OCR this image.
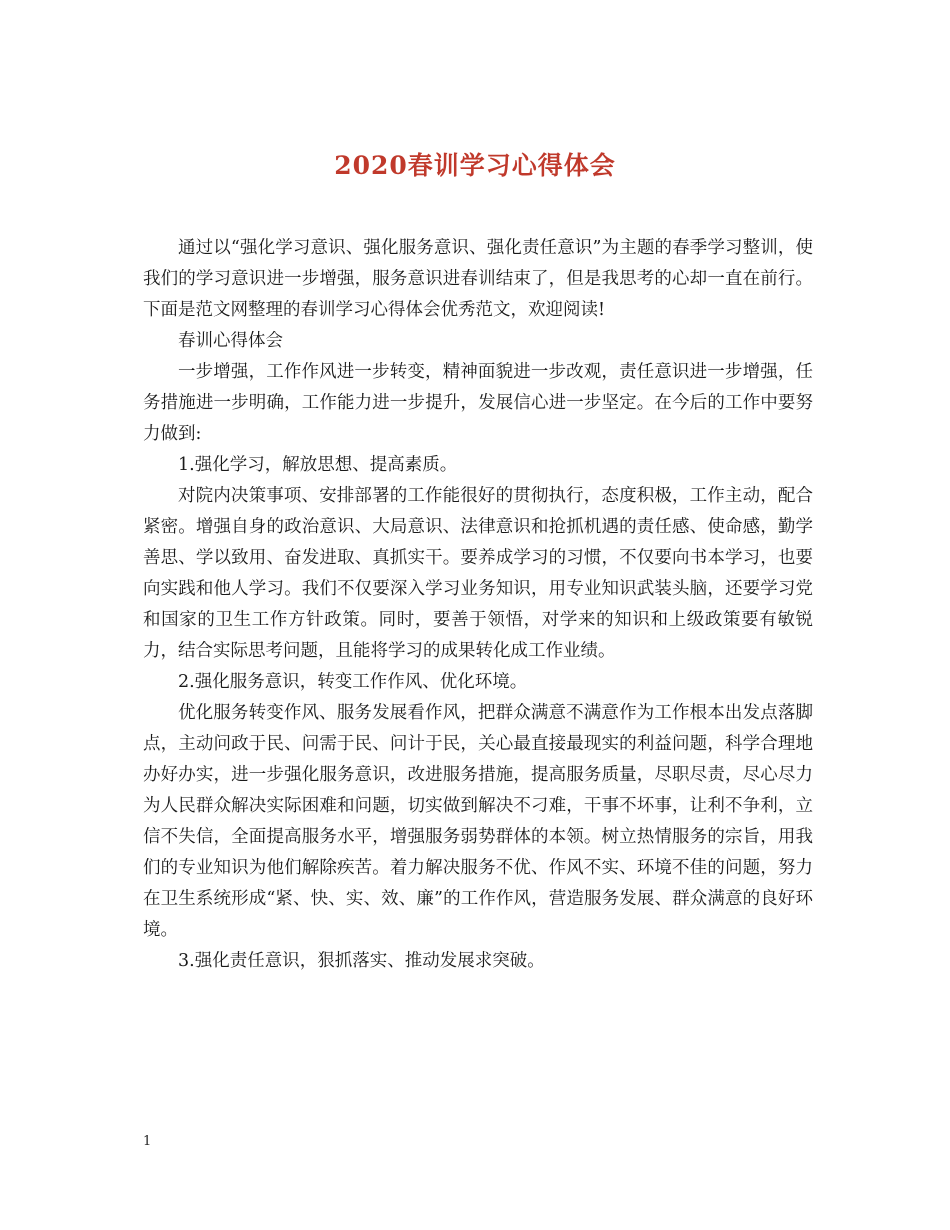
2020春训学习心得体会

通过以“强化学习意识、强化服务意识、强化责任意识”为主题的春季学习整训，使我们的学习意识进一步增强，服务意识进春训结束了，但是我思考的心却一直在前行。下面是范文网整理的春训学习心得体会优秀范文，欢迎阅读!

春训心得体会

一步增强，工作作风进一步转变，精神面貌进一步改观，责任意识进一步增强，任务措施进一步明确，工作能力进一步提升，发展信心进一步坚定。在今后的工作中要努力做到:

1.强化学习，解放思想、提高素质。

对院内决策事项、安排部署的工作能很好的贯彻执行，态度积极，工作主动，配合紧密。增强自身的政治意识、大局意识、法律意识和抢抓机遇的责任感、使命感，勤学善思、学以致用、奋发进取、真抓实干。要养成学习的习惯，不仅要向书本学习，也要向实践和他人学习。我们不仅要深入学习业务知识，用专业知识武装头脑，还要学习党和国家的卫生工作方针政策。同时，要善于领悟，对学来的知识和上级政策要有敏锐力，结合实际思考问题，且能将学习的成果转化成工作业绩。

2.强化服务意识，转变工作作风、优化环境。

优化服务转变作风、服务发展看作风，把群众满意不满意作为工作根本出发点落脚点，主动问政于民、问需于民、问计于民，关心最直接最现实的利益问题，科学合理地办好办实，进一步强化服务意识，改进服务措施，提高服务质量，尽职尽责，尽心尽力为人民群众解决实际困难和问题，切实做到解决不刁难，干事不坏事，让利不争利，立信不失信，全面提高服务水平，增强服务弱势群体的本领。树立热情服务的宗旨，用我们的专业知识为他们解除疾苦。着力解决服务不优、作风不实、环境不佳的问题，努力在卫生系统形成“紧、快、实、效、廉”的工作作风，营造服务发展、群众满意的良好环境。

3.强化责任意识，狠抓落实、推动发展求突破。

1
